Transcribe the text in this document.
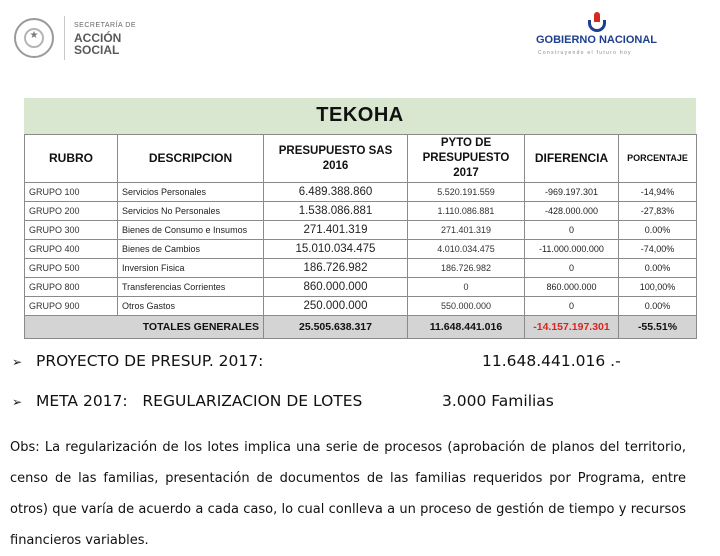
★
SECRETARÍA DE
ACCIÓN
SOCIAL
GOBIERNO NACIONAL
Construyendo el futuro hoy
TEKOHA
RUBRO	DESCRIPCION	PRESUPUESTO SAS 2016	PYTO DE PRESUPUESTO 2017	DIFERENCIA	PORCENTAJE
GRUPO 100	Servicios Personales	6.489.388.860	5.520.191.559	-969.197.301	-14,94%
GRUPO 200	Servicios No Personales	1.538.086.881	1.110.086.881	-428.000.000	-27,83%
GRUPO 300	Bienes de Consumo e Insumos	271.401.319	271.401.319	0	0.00%
GRUPO 400	Bienes de Cambios	15.010.034.475	4.010.034.475	-11.000.000.000	-74,00%
GRUPO 500	Inversion Fisica	186.726.982	186.726.982	0	0.00%
GRUPO 800	Transferencias Corrientes	860.000.000	0	860.000.000	100,00%
GRUPO 900	Otros Gastos	250.000.000	550.000.000	0	0.00%
TOTALES GENERALES		25.505.638.317	11.648.441.016	-14.157.197.301	-55.51%
➢ PROYECTO DE PRESUP. 2017:	11.648.441.016 .-
➢ META 2017:   REGULARIZACION DE LOTES	3.000 Familias
Obs: La regularización de los lotes implica una serie de procesos (aprobación de planos del territorio, censo de las familias, presentación de documentos de las familias requeridos por Programa, entre otros) que varía de acuerdo a cada caso, lo cual conlleva a un proceso de gestión de tiempo y recursos financieros variables.
